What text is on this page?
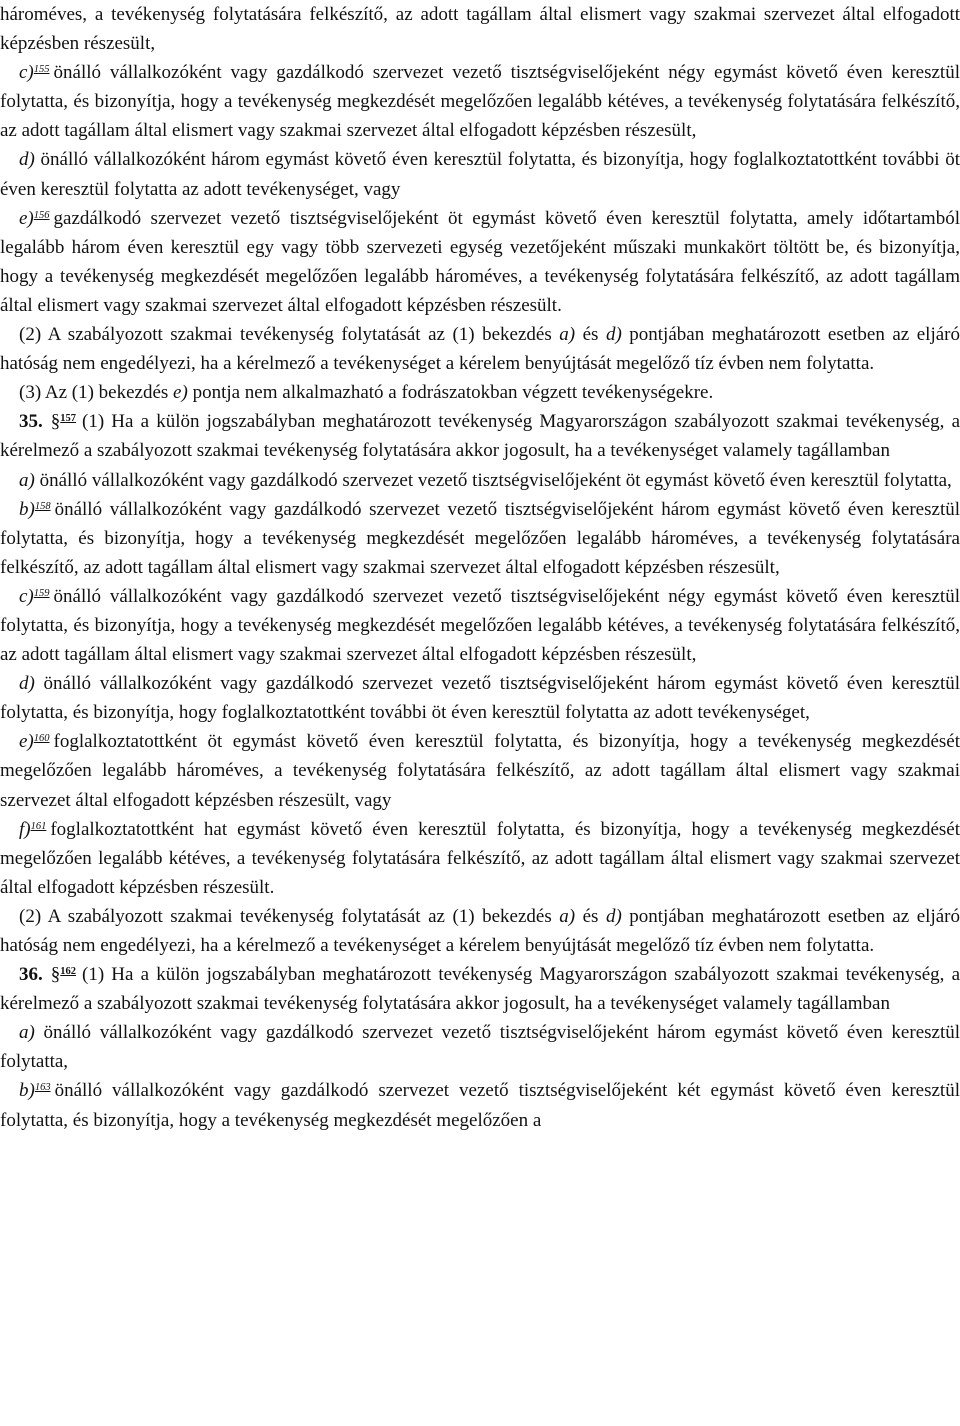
hároméves, a tevékenység folytatására felkészítő, az adott tagállam által elismert vagy szakmai szervezet által elfogadott képzésben részesült,

c)$^{155}$ önálló vállalkozóként vagy gazdálkodó szervezet vezető tisztségviselőjeként négy egymást követő éven keresztül folytatta, és bizonyítja, hogy a tevékenység megkezdését megelőzően legalább kétéves, a tevékenység folytatására felkészítő, az adott tagállam által elismert vagy szakmai szervezet által elfogadott képzésben részesült,

d) önálló vállalkozóként három egymást követő éven keresztül folytatta, és bizonyítja, hogy foglalkoztatottként további öt éven keresztül folytatta az adott tevékenységet, vagy

e)$^{156}$ gazdálkodó szervezet vezető tisztségviselőjeként öt egymást követő éven keresztül folytatta, amely időtartamból legalább három éven keresztül egy vagy több szervezeti egység vezetőjeként műszaki munkakört töltött be, és bizonyítja, hogy a tevékenység megkezdését megelőzően legalább hároméves, a tevékenység folytatására felkészítő, az adott tagállam által elismert vagy szakmai szervezet által elfogadott képzésben részesült.

(2) A szabályozott szakmai tevékenység folytatását az (1) bekezdés a) és d) pontjában meghatározott esetben az eljáró hatóság nem engedélyezi, ha a kérelmező a tevékenységet a kérelem benyújtását megelőző tíz évben nem folytatta.

(3) Az (1) bekezdés e) pontja nem alkalmazható a fodrászatokban végzett tevékenységekre.

35. §$^{157}$ (1) Ha a külön jogszabályban meghatározott tevékenység Magyarországon szabályozott szakmai tevékenység, a kérelmező a szabályozott szakmai tevékenység folytatására akkor jogosult, ha a tevékenységet valamely tagállamban

a) önálló vállalkozóként vagy gazdálkodó szervezet vezető tisztségviselőjeként öt egymást követő éven keresztül folytatta,

b)$^{158}$ önálló vállalkozóként vagy gazdálkodó szervezet vezető tisztségviselőjeként három egymást követő éven keresztül folytatta, és bizonyítja, hogy a tevékenység megkezdését megelőzően legalább hároméves, a tevékenység folytatására felkészítő, az adott tagállam által elismert vagy szakmai szervezet által elfogadott képzésben részesült,

c)$^{159}$ önálló vállalkozóként vagy gazdálkodó szervezet vezető tisztségviselőjeként négy egymást követő éven keresztül folytatta, és bizonyítja, hogy a tevékenység megkezdését megelőzően legalább kétéves, a tevékenység folytatására felkészítő, az adott tagállam által elismert vagy szakmai szervezet által elfogadott képzésben részesült,

d) önálló vállalkozóként vagy gazdálkodó szervezet vezető tisztségviselőjeként három egymást követő éven keresztül folytatta, és bizonyítja, hogy foglalkoztatottként további öt éven keresztül folytatta az adott tevékenységet,

e)$^{160}$ foglalkoztatottként öt egymást követő éven keresztül folytatta, és bizonyítja, hogy a tevékenység megkezdését megelőzően legalább hároméves, a tevékenység folytatására felkészítő, az adott tagállam által elismert vagy szakmai szervezet által elfogadott képzésben részesült, vagy

f)$^{161}$ foglalkoztatottként hat egymást követő éven keresztül folytatta, és bizonyítja, hogy a tevékenység megkezdését megelőzően legalább kétéves, a tevékenység folytatására felkészítő, az adott tagállam által elismert vagy szakmai szervezet által elfogadott képzésben részesült.

(2) A szabályozott szakmai tevékenység folytatását az (1) bekezdés a) és d) pontjában meghatározott esetben az eljáró hatóság nem engedélyezi, ha a kérelmező a tevékenységet a kérelem benyújtását megelőző tíz évben nem folytatta.

36. §$^{162}$ (1) Ha a külön jogszabályban meghatározott tevékenység Magyarországon szabályozott szakmai tevékenység, a kérelmező a szabályozott szakmai tevékenység folytatására akkor jogosult, ha a tevékenységet valamely tagállamban

a) önálló vállalkozóként vagy gazdálkodó szervezet vezető tisztségviselőjeként három egymást követő éven keresztül folytatta,

b)$^{163}$ önálló vállalkozóként vagy gazdálkodó szervezet vezető tisztségviselőjeként két egymást követő éven keresztül folytatta, és bizonyítja, hogy a tevékenység megkezdését megelőzően a
